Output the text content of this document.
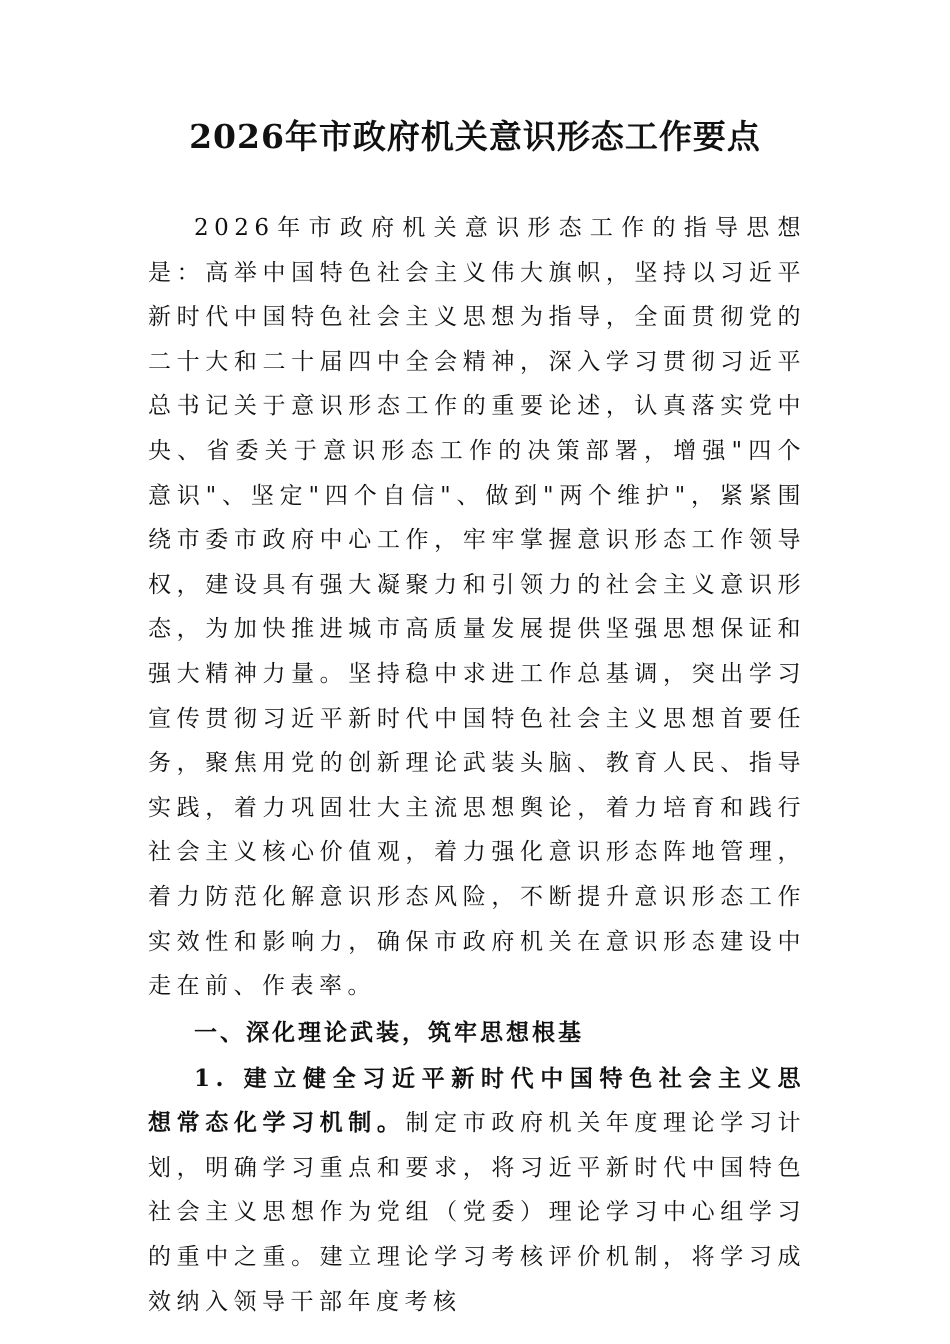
2026年市政府机关意识形态工作要点

2026年市政府机关意识形态工作的指导思想是：高举中国特色社会主义伟大旗帜，坚持以习近平新时代中国特色社会主义思想为指导，全面贯彻党的二十大和二十届四中全会精神，深入学习贯彻习近平总书记关于意识形态工作的重要论述，认真落实党中央、省委关于意识形态工作的决策部署，增强"四个意识"、坚定"四个自信"、做到"两个维护"，紧紧围绕市委市政府中心工作，牢牢掌握意识形态工作领导权，建设具有强大凝聚力和引领力的社会主义意识形态，为加快推进城市高质量发展提供坚强思想保证和强大精神力量。坚持稳中求进工作总基调，突出学习宣传贯彻习近平新时代中国特色社会主义思想首要任务，聚焦用党的创新理论武装头脑、教育人民、指导实践，着力巩固壮大主流思想舆论，着力培育和践行社会主义核心价值观，着力强化意识形态阵地管理，着力防范化解意识形态风险，不断提升意识形态工作实效性和影响力，确保市政府机关在意识形态建设中走在前、作表率。

一、深化理论武装，筑牢思想根基

1. 建立健全习近平新时代中国特色社会主义思想常态化学习机制。制定市政府机关年度理论学习计划，明确学习重点和要求，将习近平新时代中国特色社会主义思想作为党组（党委）理论学习中心组学习的重中之重。建立理论学习考核评价机制，将学习成效纳入领导干部年度考核
